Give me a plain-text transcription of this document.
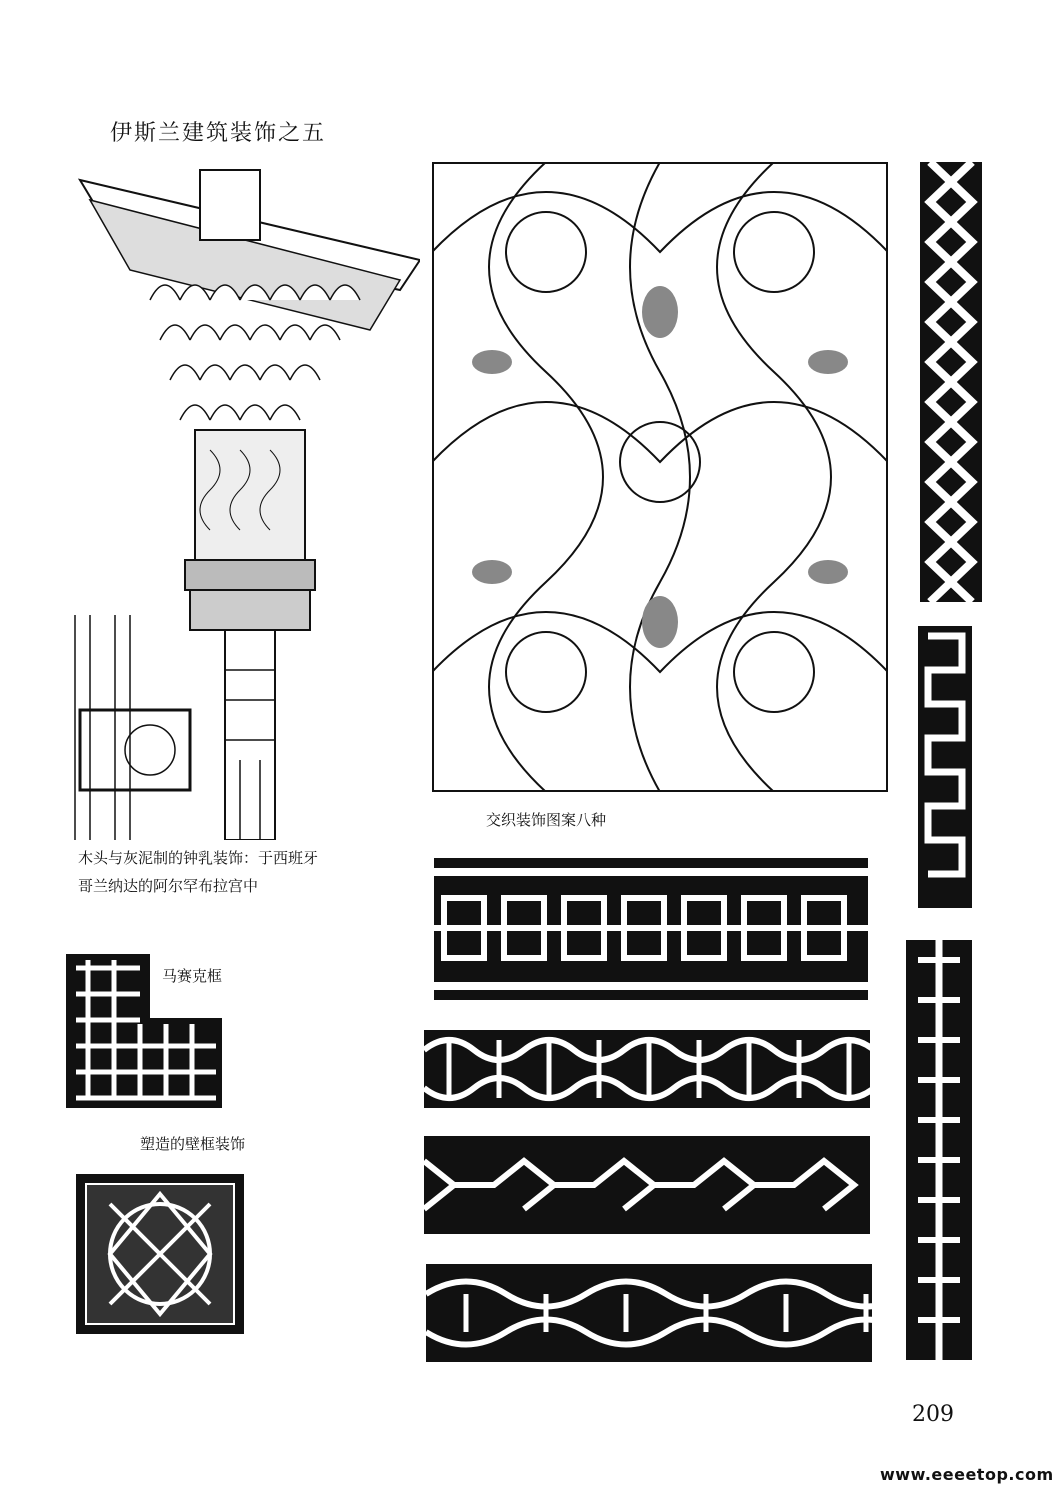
伊斯兰建筑装饰之五
木头与灰泥制的钟乳装饰：于西班牙
哥兰纳达的阿尔罕布拉宫中
马赛克框
塑造的壁框装饰
交织装饰图案八种
209
www.eeeetop.com
